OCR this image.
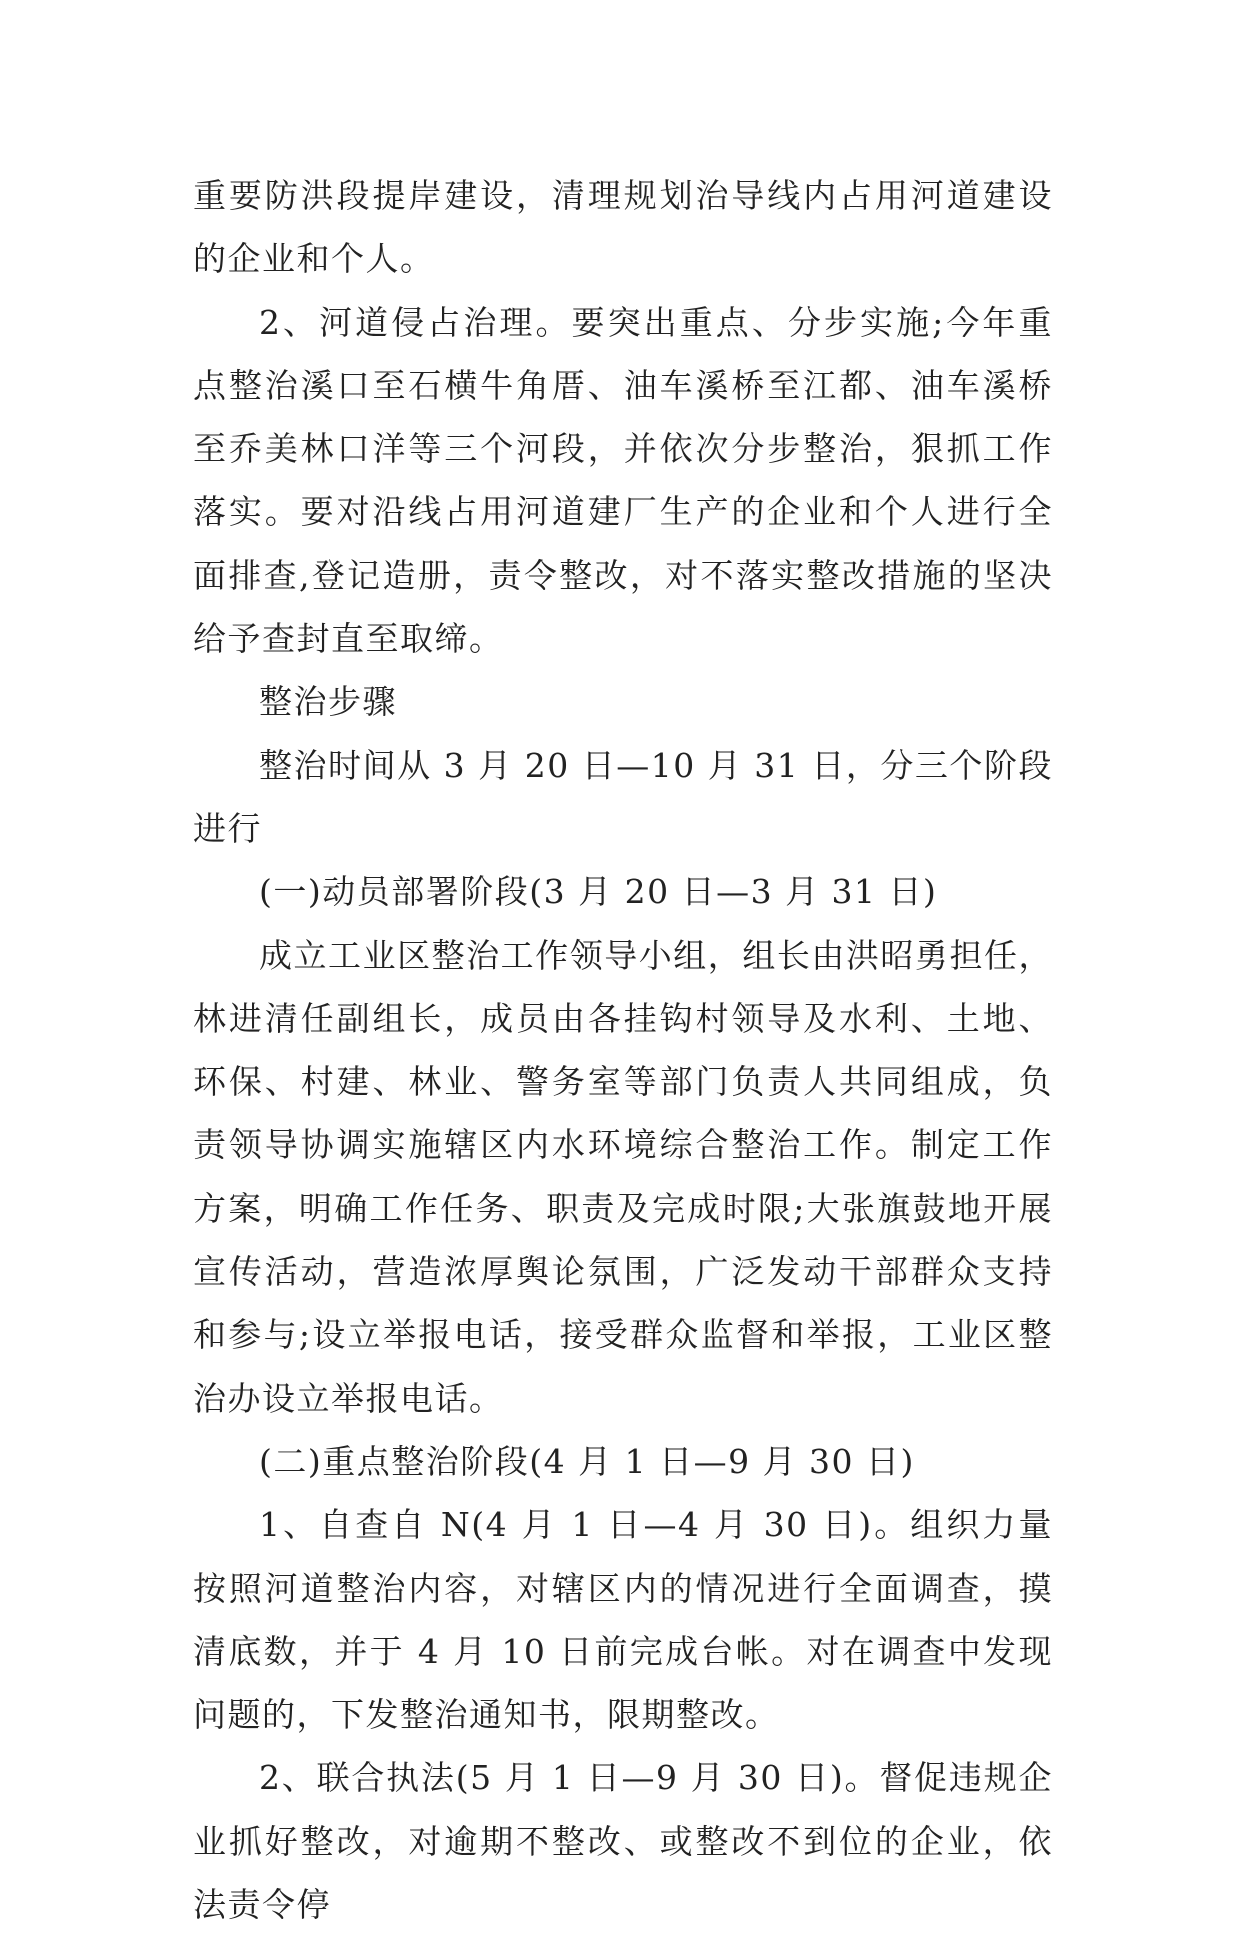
重要防洪段提岸建设，清理规划治导线内占用河道建设的企业和个人。

2、河道侵占治理。要突出重点、分步实施;今年重点整治溪口至石横牛角厝、油车溪桥至江都、油车溪桥至乔美林口洋等三个河段，并依次分步整治，狠抓工作落实。要对沿线占用河道建厂生产的企业和个人进行全面排查,登记造册，责令整改，对不落实整改措施的坚决给予查封直至取缔。

整治步骤

整治时间从 3 月 20 日—10 月 31 日，分三个阶段进行

(一)动员部署阶段(3 月 20 日—3 月 31 日)

成立工业区整治工作领导小组，组长由洪昭勇担任，林进清任副组长，成员由各挂钩村领导及水利、土地、环保、村建、林业、警务室等部门负责人共同组成，负责领导协调实施辖区内水环境综合整治工作。制定工作方案，明确工作任务、职责及完成时限;大张旗鼓地开展宣传活动，营造浓厚舆论氛围，广泛发动干部群众支持和参与;设立举报电话，接受群众监督和举报，工业区整治办设立举报电话。

(二)重点整治阶段(4 月 1 日—9 月 30 日)

1、自查自 N(4 月 1 日—4 月 30 日)。组织力量按照河道整治内容，对辖区内的情况进行全面调查，摸清底数，并于 4 月 10 日前完成台帐。对在调查中发现问题的，下发整治通知书，限期整改。

2、联合执法(5 月 1 日—9 月 30 日)。督促违规企业抓好整改，对逾期不整改、或整改不到位的企业，依法责令停
